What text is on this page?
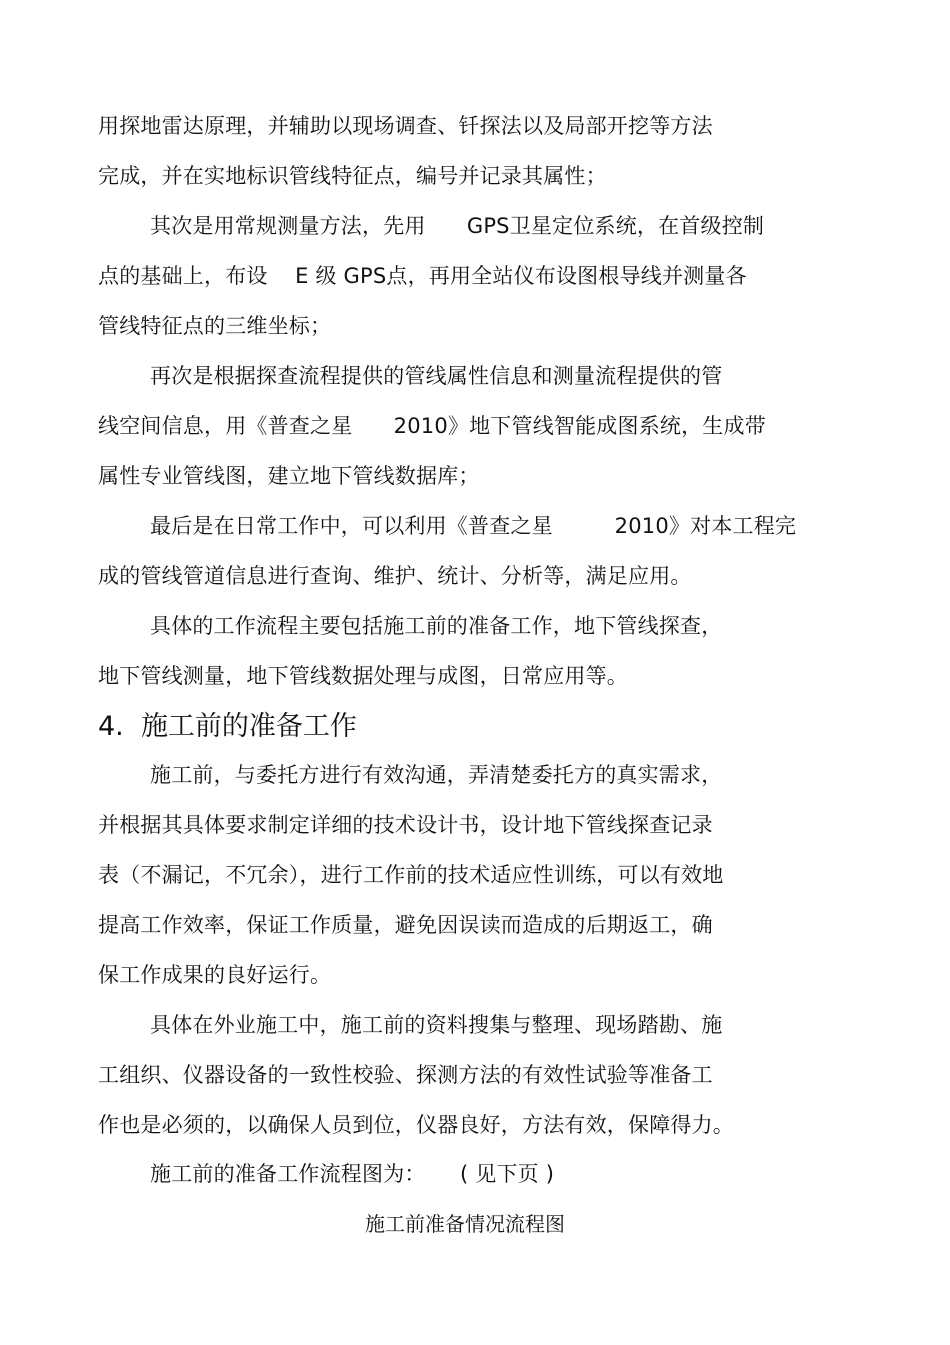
用探地雷达原理，并辅助以现场调查、钎探法以及局部开挖等方法
完成，并在实地标识管线特征点，编号并记录其属性；
其次是用常规测量方法，先用      GPS卫星定位系统，在首级控制
点的基础上，布设    E 级 GPS点，再用全站仪布设图根导线并测量各
管线特征点的三维坐标；
再次是根据探查流程提供的管线属性信息和测量流程提供的管
线空间信息，用《普查之星      2010》地下管线智能成图系统，生成带
属性专业管线图，建立地下管线数据库；
最后是在日常工作中，可以利用《普查之星         2010》对本工程完
成的管线管道信息进行查询、维护、统计、分析等，满足应用。
具体的工作流程主要包括施工前的准备工作，地下管线探查，
地下管线测量，地下管线数据处理与成图，日常应用等。
4. 施工前的准备工作
施工前，与委托方进行有效沟通，弄清楚委托方的真实需求，
并根据其具体要求制定详细的技术设计书，设计地下管线探查记录
表（不漏记，不冗余），进行工作前的技术适应性训练，可以有效地
提高工作效率，保证工作质量，避免因误读而造成的后期返工，确
保工作成果的良好运行。
具体在外业施工中，施工前的资料搜集与整理、现场踏勘、施
工组织、仪器设备的一致性校验、探测方法的有效性试验等准备工
作也是必须的，以确保人员到位，仪器良好，方法有效，保障得力。
施工前的准备工作流程图为：     ( 见下页 )
施工前准备情况流程图
